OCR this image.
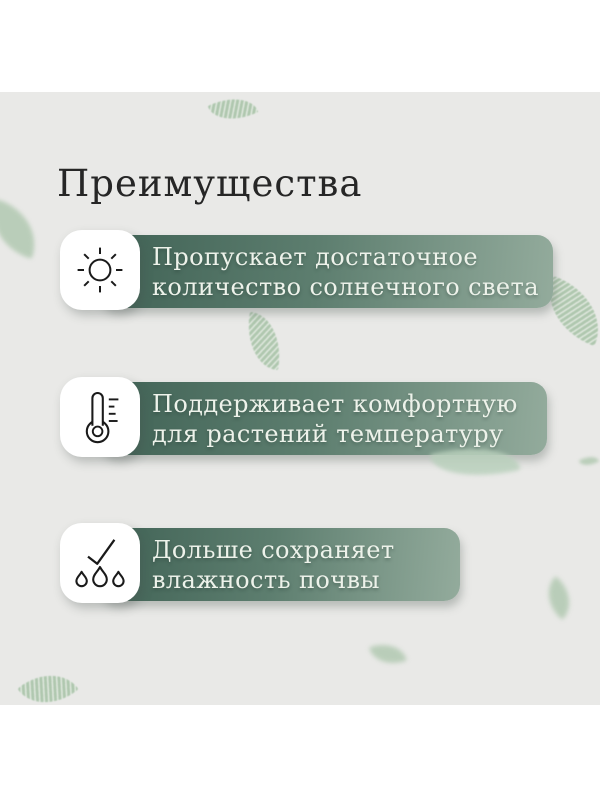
Преимущества
Пропускает достаточное
количество солнечного света
Поддерживает комфортную
для растений температуру
Дольше сохраняет
влажность почвы
